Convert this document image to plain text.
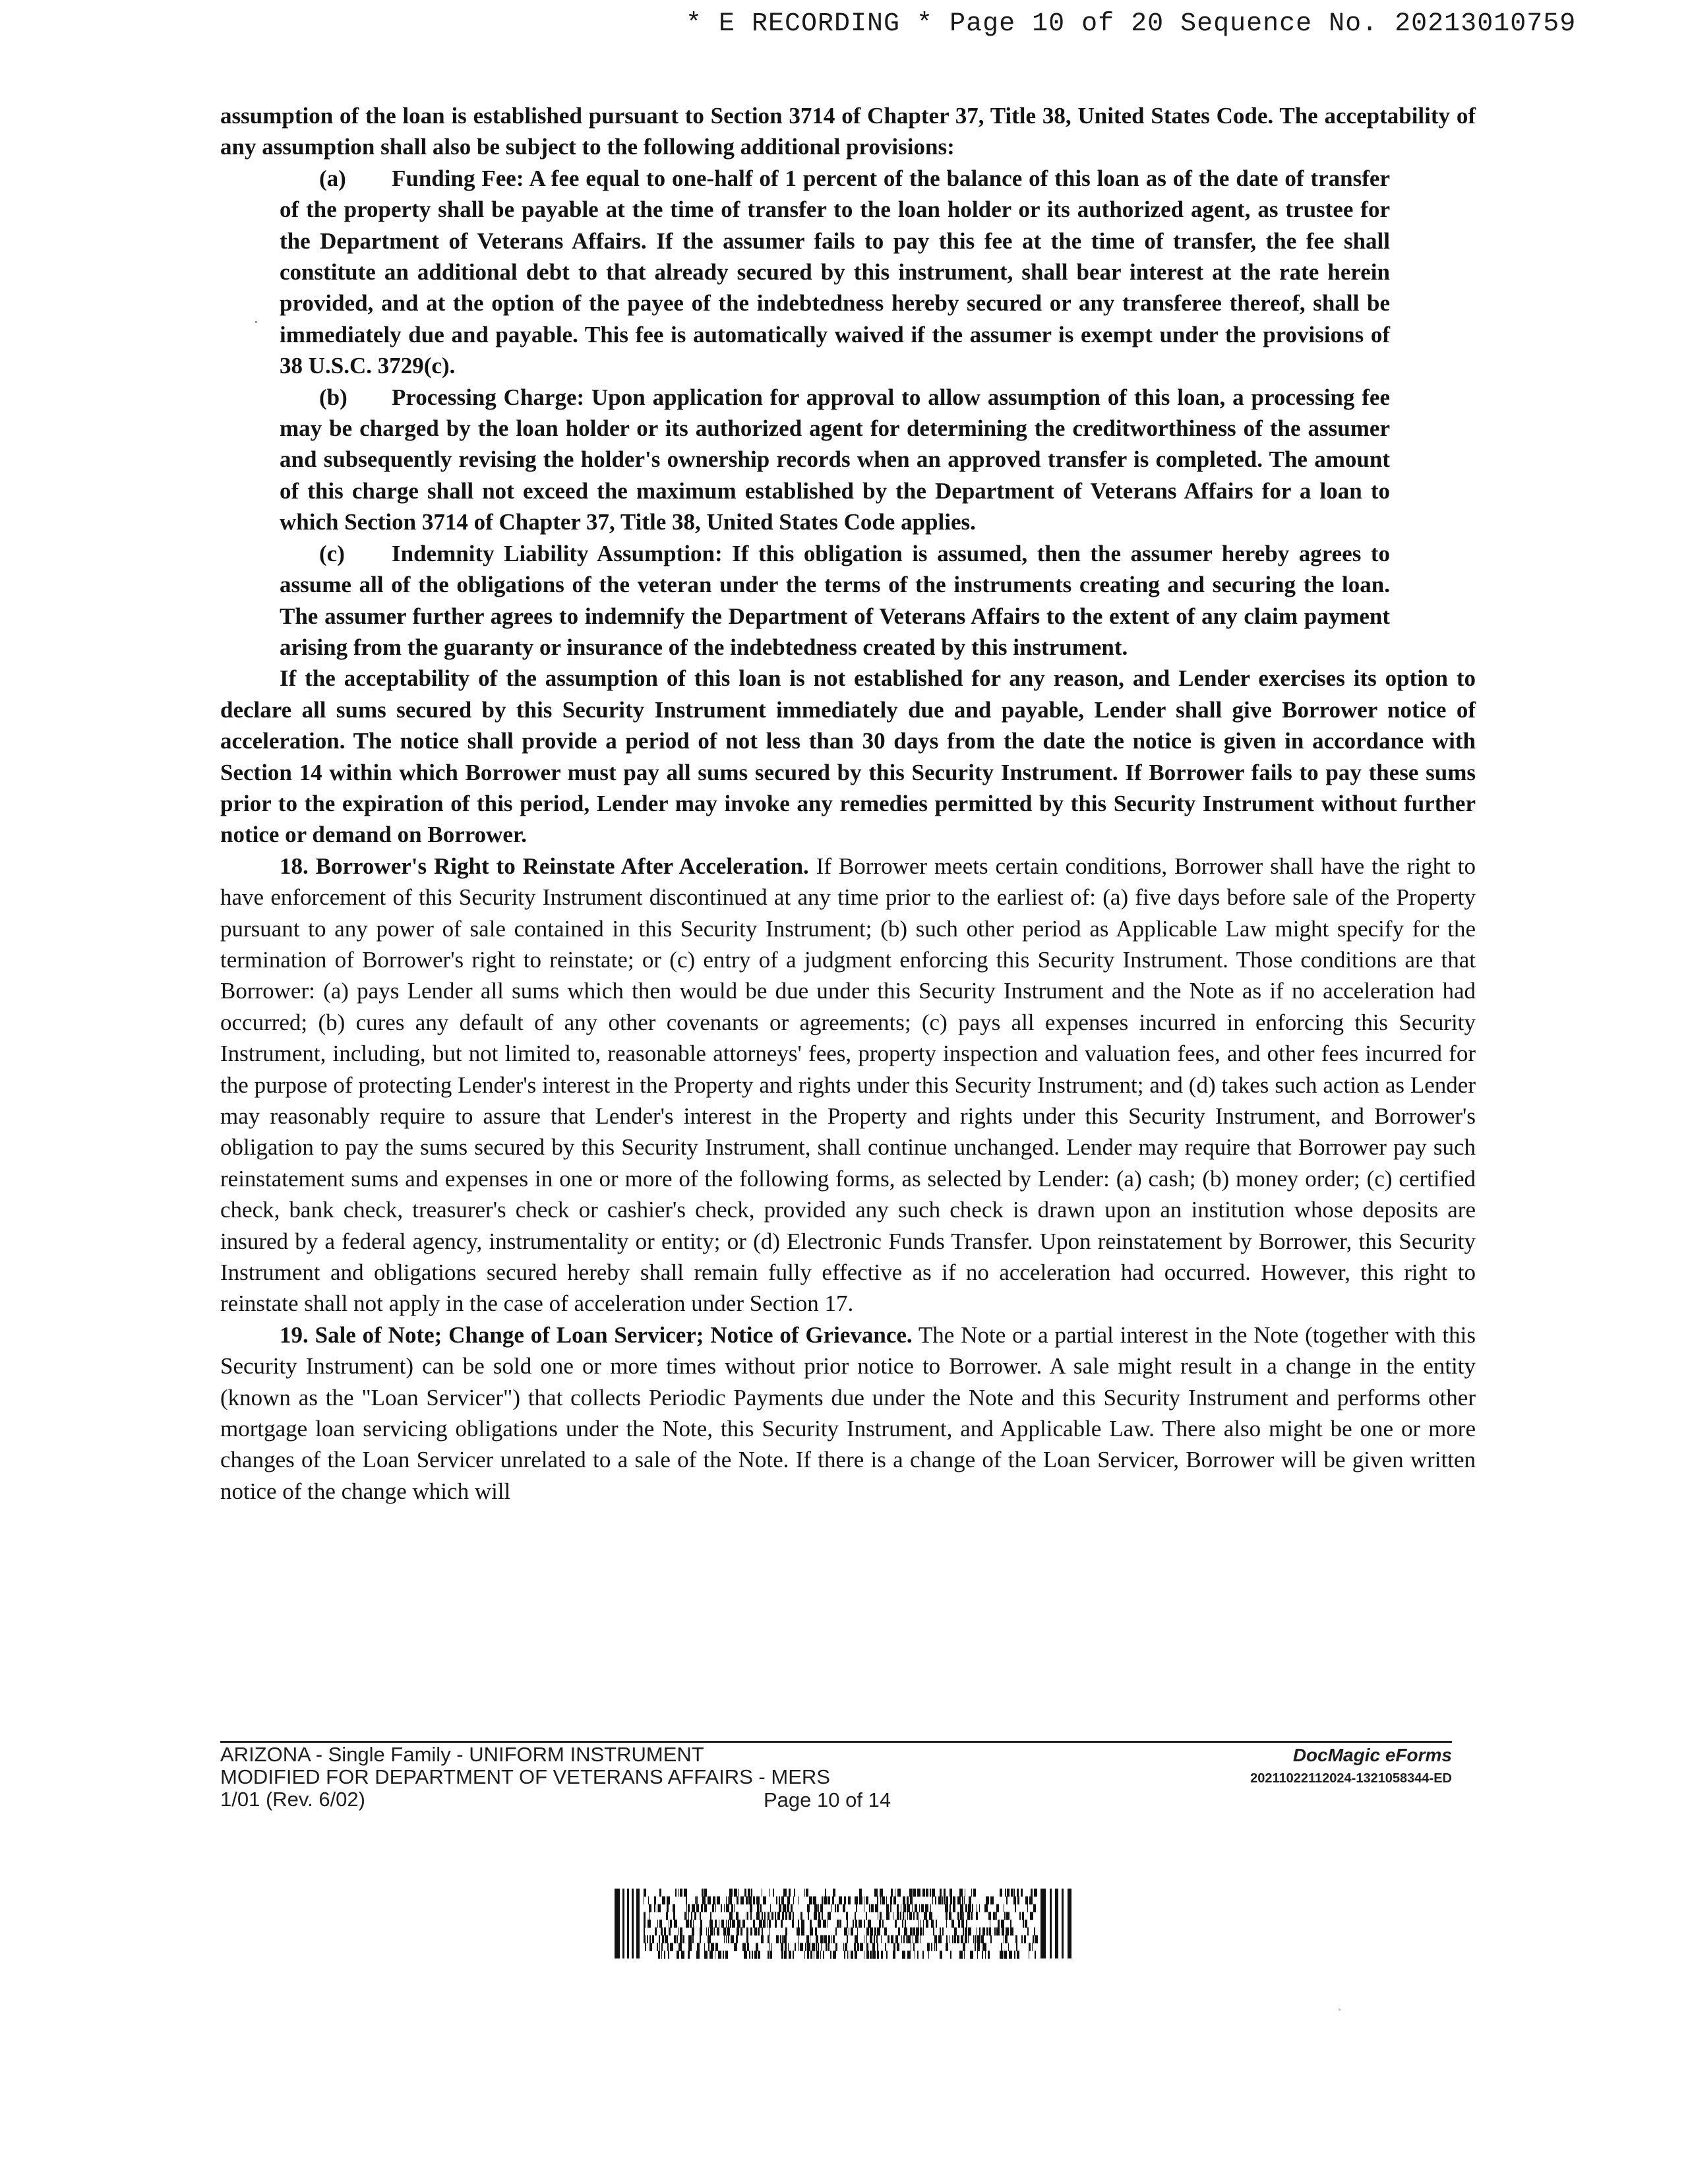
* E RECORDING * Page 10 of 20 Sequence No. 20213010759

assumption of the loan is established pursuant to Section 3714 of Chapter 37, Title 38, United States Code. The acceptability of any assumption shall also be subject to the following additional provisions:

(a) Funding Fee: A fee equal to one-half of 1 percent of the balance of this loan as of the date of transfer of the property shall be payable at the time of transfer to the loan holder or its authorized agent, as trustee for the Department of Veterans Affairs. If the assumer fails to pay this fee at the time of transfer, the fee shall constitute an additional debt to that already secured by this instrument, shall bear interest at the rate herein provided, and at the option of the payee of the indebtedness hereby secured or any transferee thereof, shall be immediately due and payable. This fee is automatically waived if the assumer is exempt under the provisions of 38 U.S.C. 3729(c).

(b) Processing Charge: Upon application for approval to allow assumption of this loan, a processing fee may be charged by the loan holder or its authorized agent for determining the creditworthiness of the assumer and subsequently revising the holder's ownership records when an approved transfer is completed. The amount of this charge shall not exceed the maximum established by the Department of Veterans Affairs for a loan to which Section 3714 of Chapter 37, Title 38, United States Code applies.

(c) Indemnity Liability Assumption: If this obligation is assumed, then the assumer hereby agrees to assume all of the obligations of the veteran under the terms of the instruments creating and securing the loan. The assumer further agrees to indemnify the Department of Veterans Affairs to the extent of any claim payment arising from the guaranty or insurance of the indebtedness created by this instrument.

If the acceptability of the assumption of this loan is not established for any reason, and Lender exercises its option to declare all sums secured by this Security Instrument immediately due and payable, Lender shall give Borrower notice of acceleration. The notice shall provide a period of not less than 30 days from the date the notice is given in accordance with Section 14 within which Borrower must pay all sums secured by this Security Instrument. If Borrower fails to pay these sums prior to the expiration of this period, Lender may invoke any remedies permitted by this Security Instrument without further notice or demand on Borrower.

18. Borrower's Right to Reinstate After Acceleration. If Borrower meets certain conditions, Borrower shall have the right to have enforcement of this Security Instrument discontinued at any time prior to the earliest of: (a) five days before sale of the Property pursuant to any power of sale contained in this Security Instrument; (b) such other period as Applicable Law might specify for the termination of Borrower's right to reinstate; or (c) entry of a judgment enforcing this Security Instrument. Those conditions are that Borrower: (a) pays Lender all sums which then would be due under this Security Instrument and the Note as if no acceleration had occurred; (b) cures any default of any other covenants or agreements; (c) pays all expenses incurred in enforcing this Security Instrument, including, but not limited to, reasonable attorneys' fees, property inspection and valuation fees, and other fees incurred for the purpose of protecting Lender's interest in the Property and rights under this Security Instrument; and (d) takes such action as Lender may reasonably require to assure that Lender's interest in the Property and rights under this Security Instrument, and Borrower's obligation to pay the sums secured by this Security Instrument, shall continue unchanged. Lender may require that Borrower pay such reinstatement sums and expenses in one or more of the following forms, as selected by Lender: (a) cash; (b) money order; (c) certified check, bank check, treasurer's check or cashier's check, provided any such check is drawn upon an institution whose deposits are insured by a federal agency, instrumentality or entity; or (d) Electronic Funds Transfer. Upon reinstatement by Borrower, this Security Instrument and obligations secured hereby shall remain fully effective as if no acceleration had occurred. However, this right to reinstate shall not apply in the case of acceleration under Section 17.

19. Sale of Note; Change of Loan Servicer; Notice of Grievance. The Note or a partial interest in the Note (together with this Security Instrument) can be sold one or more times without prior notice to Borrower. A sale might result in a change in the entity (known as the "Loan Servicer") that collects Periodic Payments due under the Note and this Security Instrument and performs other mortgage loan servicing obligations under the Note, this Security Instrument, and Applicable Law. There also might be one or more changes of the Loan Servicer unrelated to a sale of the Note. If there is a change of the Loan Servicer, Borrower will be given written notice of the change which will

ARIZONA - Single Family - UNIFORM INSTRUMENT
MODIFIED FOR DEPARTMENT OF VETERANS AFFAIRS - MERS
1/01 (Rev. 6/02)	Page 10 of 14
DocMagic eForms
20211022112024-1321058344-ED
